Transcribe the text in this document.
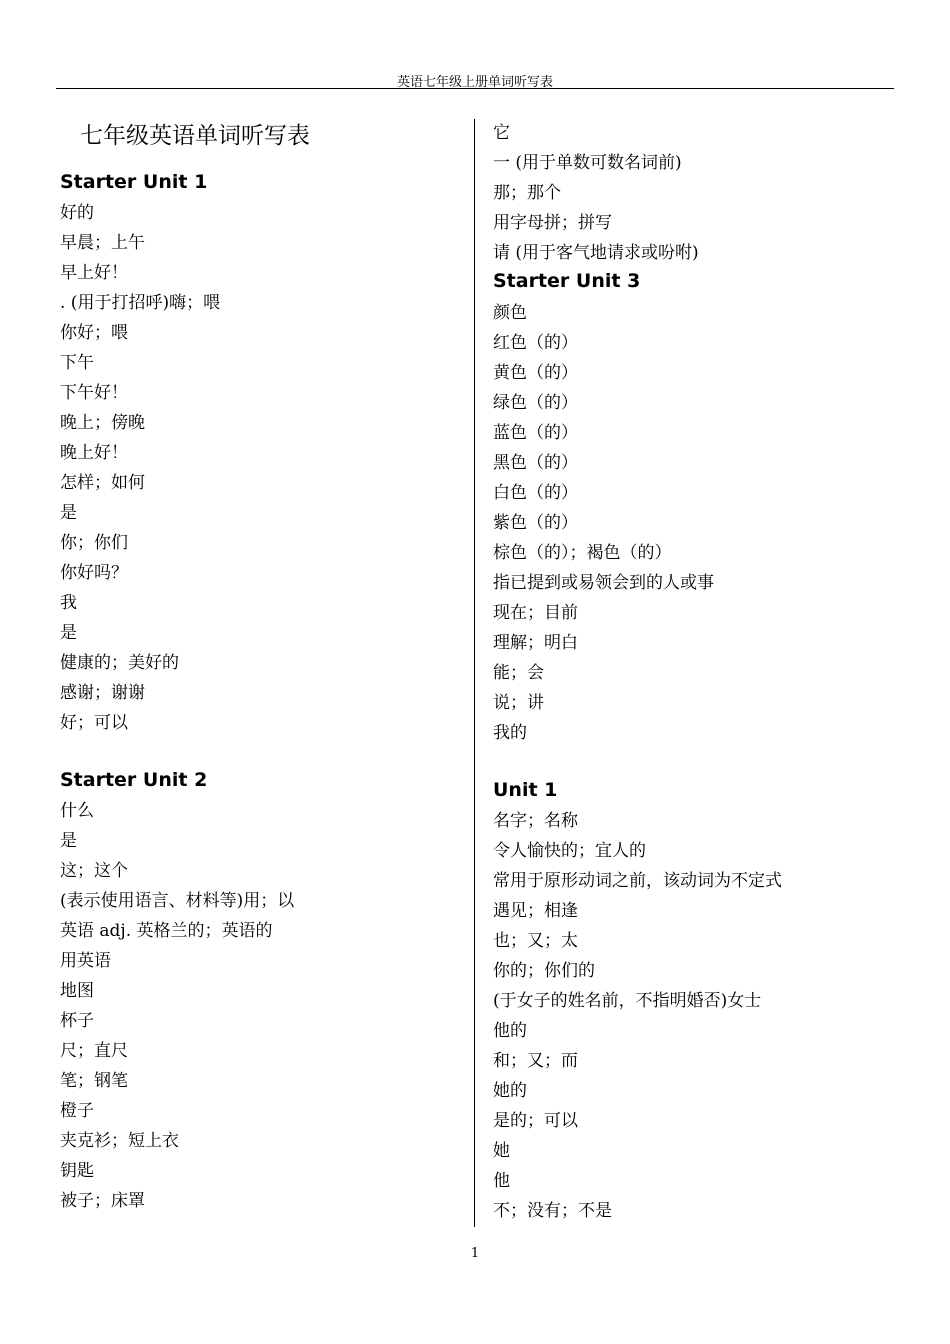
英语七年级上册单词听写表
七年级英语单词听写表
Starter Unit 1
好的
早晨；上午
早上好！
. (用于打招呼)嗨；喂
你好；喂
下午
下午好！
晚上；傍晚
晚上好！
怎样；如何
是
你；你们
你好吗？
我
是
健康的；美好的
感谢；谢谢
好；可以
Starter Unit 2
什么
是
这；这个
(表示使用语言、材料等)用；以
英语 adj. 英格兰的；英语的
用英语
地图
杯子
尺；直尺
笔；钢笔
橙子
夹克衫；短上衣
钥匙
被子；床罩
它
一 (用于单数可数名词前)
那；那个
用字母拼；拼写
请 (用于客气地请求或吩咐)
Starter Unit 3
颜色
红色（的）
黄色（的）
绿色（的）
蓝色（的）
黑色（的）
白色（的）
紫色（的）
棕色（的）；褐色（的）
指已提到或易领会到的人或事
现在；目前
理解；明白
能；会
说；讲
我的
Unit 1
名字；名称
令人愉快的；宜人的
常用于原形动词之前，该动词为不定式
遇见；相逢
也；又；太
你的；你们的
(于女子的姓名前，不指明婚否)女士
他的
和；又；而
她的
是的；可以
她
他
不；没有；不是
1
